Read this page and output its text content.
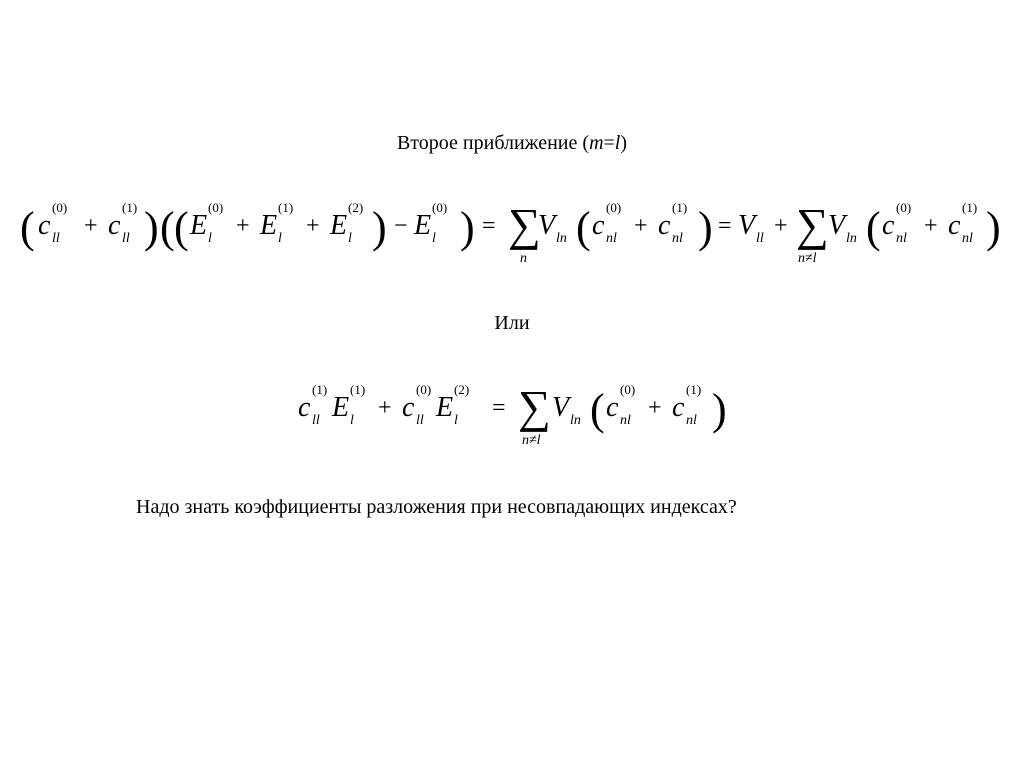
Второе приближение (m=l)
( c ll
(0)
+ c ll
(1) ) ( ( E l
(0)
+ E l
(1)
+ E l
(2) ) − E l
(0) ) = ∑
n
V ln ( c nl
(0)
+ c nl
(1) ) = V ll + ∑
n≠l
V ln ( c nl
(0)
+ c nl
(1) )
Или
c ll
(1)
E l
(1)
+ c ll
(0)
E l
(2)
= ∑
n≠l
V ln ( c nl
(0)
+ c nl
(1) )
Надо знать коэффициенты разложения при несовпадающих индексах?
